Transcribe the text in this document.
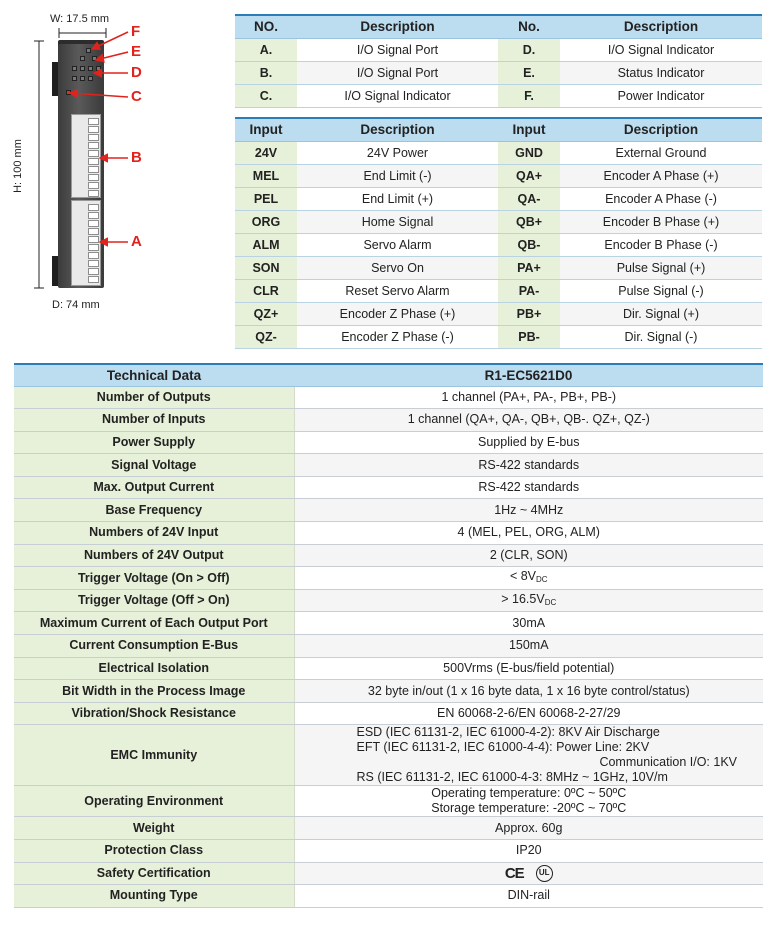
W: 17.5 mm
H: 100 mm
D: 74 mm
F
E
D
C
B
A
NO.	Description	No.	Description
A.	I/O Signal Port	D.	I/O Signal Indicator
B.	I/O Signal Port	E.	Status Indicator
C.	I/O Signal Indicator	F.	Power Indicator
Input	Description	Input	Description
24V	24V Power	GND	External Ground
MEL	End Limit (-)	QA+	Encoder A Phase (+)
PEL	End Limit (+)	QA-	Encoder A Phase (-)
ORG	Home Signal	QB+	Encoder B Phase (+)
ALM	Servo Alarm	QB-	Encoder B Phase (-)
SON	Servo On	PA+	Pulse Signal (+)
CLR	Reset Servo Alarm	PA-	Pulse Signal (-)
QZ+	Encoder Z Phase (+)	PB+	Dir. Signal (+)
QZ-	Encoder Z Phase (-)	PB-	Dir. Signal (-)
Technical Data	R1-EC5621D0
Number of Outputs	1 channel (PA+, PA-, PB+, PB-)
Number of Inputs	1 channel (QA+, QA-, QB+, QB-. QZ+, QZ-)
Power Supply	Supplied by E-bus
Signal Voltage	RS-422 standards
Max. Output Current	RS-422 standards
Base Frequency	1Hz ~ 4MHz
Numbers of 24V Input	4 (MEL, PEL, ORG, ALM)
Numbers of 24V Output	2 (CLR, SON)
Trigger Voltage (On > Off)	< $8V_{DC}$
Trigger Voltage (Off > On)	> $16.5V_{DC}$
Maximum Current of Each Output Port	30mA
Current Consumption E-Bus	150mA
Electrical Isolation	500Vrms (E-bus/field potential)
Bit Width in the Process Image	32 byte in/out (1 x 16 byte data, 1 x 16 byte control/status)
Vibration/Shock Resistance	EN 60068-2-6/EN 60068-2-27/29
EMC Immunity	ESD (IEC 61131-2, IEC 61000-4-2): 8KV Air Discharge
EFT (IEC 61131-2, IEC 61000-4-4): Power Line: 2KV
Communication I/O: 1KV
RS (IEC 61131-2, IEC 61000-4-3: 8MHz ~ 1GHz, 10V/m

Operating Environment	Operating temperature: 0ºC ~ 50ºC
Storage temperature: -20ºC ~ 70ºC

Weight	Approx. 60g
Protection Class	IP20
Safety Certification	CE UL

Mounting Type	DIN-rail
